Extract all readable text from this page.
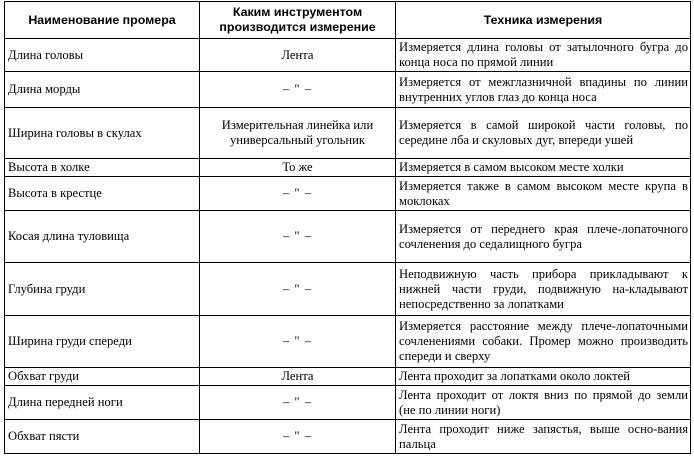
Наименование промера	Каким инструментом производится измерение	Техника измерения
Длина головы	Лента	Измеряется длина головы от затылочного бугра до конца носа по прямой линии
Длина морды	– " –	Измеряется от межглазничной впадины по линии внутренних углов глаз до конца носа
Ширина головы в скулах	Измерительная линейка или универсальный угольник	Измеряется в самой широкой части головы, по середине лба и скуловых дуг, впереди ушей
Высота в холке	То же	Измеряется в самом высоком месте холки
Высота в крестце	– " –	Измеряется также в самом высоком месте крупа в моклоках
Косая длина туловища	– " –	Измеряется от переднего края плече-лопаточного сочленения до седалищного бугра
Глубина груди	– " –	Неподвижную часть прибора прикладывают к нижней части груди, подвижную на-кладывают непосредственно за лопатками
Ширина груди спереди	– " –	Измеряется расстояние между плече-лопаточными сочленениями собаки. Промер можно производить спереди и сверху
Обхват груди	Лента	Лента проходит за лопатками около локтей
Длина передней ноги	– " –	Лента проходит от локтя вниз по прямой до земли (не по линии ноги)
Обхват пясти	– " –	Лента проходит ниже запястья, выше осно-вания пальца
